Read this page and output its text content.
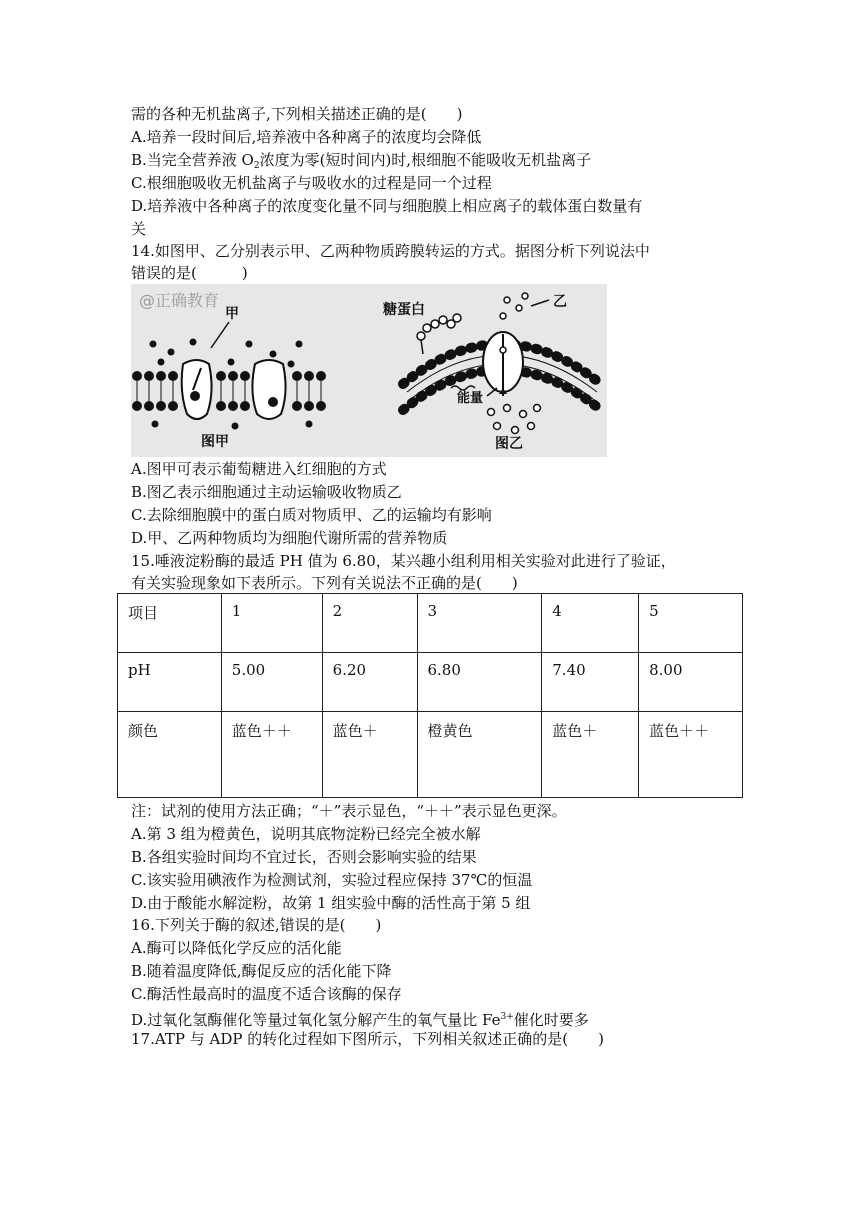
需的各种无机盐离子,下列相关描述正确的是(　　)
A.培养一段时间后,培养液中各种离子的浓度均会降低
B.当完全营养液 $O_2$浓度为零(短时间内)时,根细胞不能吸收无机盐离子
C.根细胞吸收无机盐离子与吸收水的过程是同一个过程
D.培养液中各种离子的浓度变化量不同与细胞膜上相应离子的载体蛋白数量有
关
14.如图甲、乙分别表示甲、乙两种物质跨膜转运的方式。据图分析下列说法中
错误的是(　　　)
@正确教育
甲
图甲
糖蛋白	乙
能量
图乙
A.图甲可表示葡萄糖进入红细胞的方式
B.图乙表示细胞通过主动运输吸收物质乙
C.去除细胞膜中的蛋白质对物质甲、乙的运输均有影响
D.甲、乙两种物质均为细胞代谢所需的营养物质
15.唾液淀粉酶的最适 PH 值为 6.80，某兴趣小组利用相关实验对此进行了验证，
有关实验现象如下表所示。下列有关说法不正确的是(　　)
项目	1	2	3	4	5
pH	5.00	6.20	6.80	7.40	8.00
颜色	蓝色＋＋	蓝色＋	橙黄色	蓝色＋	蓝色＋＋
注：试剂的使用方法正确；“＋”表示显色，“＋＋”表示显色更深。
A.第 3 组为橙黄色，说明其底物淀粉已经完全被水解
B.各组实验时间均不宜过长，否则会影响实验的结果
C.该实验用碘液作为检测试剂，实验过程应保持 37℃的恒温
D.由于酸能水解淀粉，故第 1 组实验中酶的活性高于第 5 组
16.下列关于酶的叙述,错误的是(　　)
A.酶可以降低化学反应的活化能
B.随着温度降低,酶促反应的活化能下降
C.酶活性最高时的温度不适合该酶的保存
D.过氧化氢酶催化等量过氧化氢分解产生的氧气量比 $Fe^{3+}$催化时要多
17.ATP 与 ADP 的转化过程如下图所示，下列相关叙述正确的是(　　)
